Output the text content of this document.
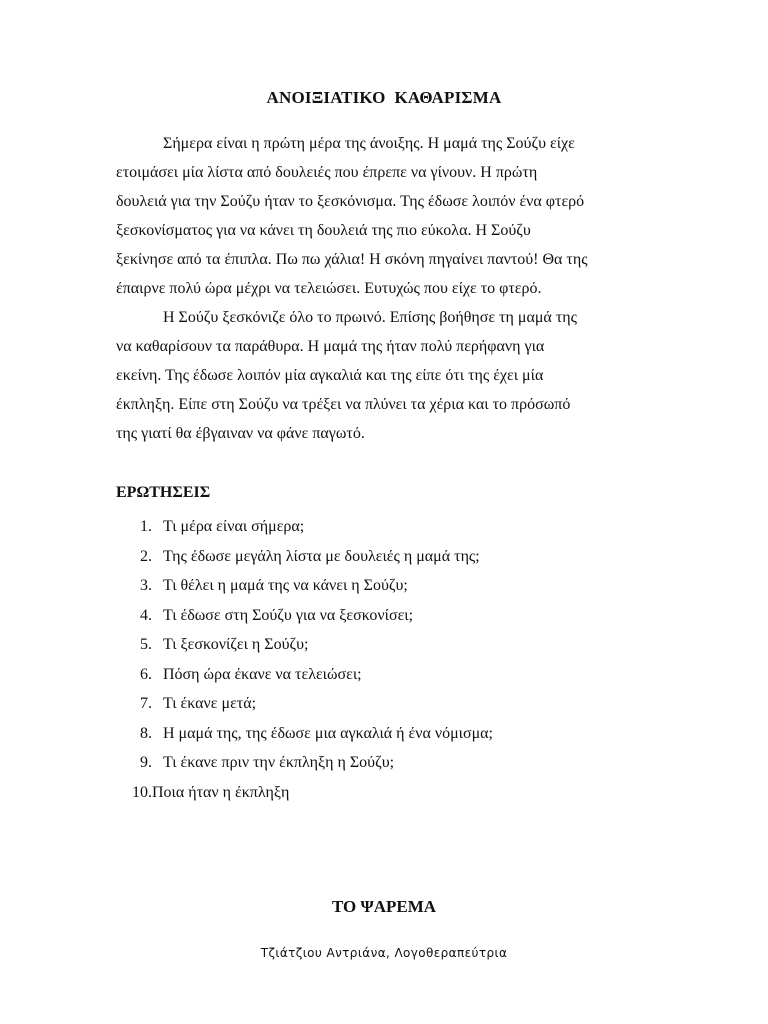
ΑΝΟΙΞΙΑΤΙΚΟ  ΚΑΘΑΡΙΣΜΑ
Σήμερα είναι η πρώτη μέρα της άνοιξης. Η μαμά της Σούζυ είχε
ετοιμάσει μία λίστα από δουλειές που έπρεπε να γίνουν. Η πρώτη
δουλειά για την Σούζυ ήταν το ξεσκόνισμα. Της έδωσε λοιπόν ένα φτερό
ξεσκονίσματος για να κάνει τη δουλειά της πιο εύκολα. Η Σούζυ
ξεκίνησε από τα έπιπλα. Πω πω χάλια! Η σκόνη πηγαίνει παντού! Θα της
έπαιρνε πολύ ώρα μέχρι να τελειώσει. Ευτυχώς που είχε το φτερό.
Η Σούζυ ξεσκόνιζε όλο το πρωινό. Επίσης βοήθησε τη μαμά της
να καθαρίσουν τα παράθυρα. Η μαμά της ήταν πολύ περήφανη για
εκείνη. Της έδωσε λοιπόν μία αγκαλιά και της είπε ότι της έχει μία
έκπληξη. Είπε στη Σούζυ να τρέξει να πλύνει τα χέρια και το πρόσωπό
της γιατί θα έβγαιναν να φάνε παγωτό.
ΕΡΩΤΗΣΕΙΣ
1. Τι μέρα είναι σήμερα;
2. Της έδωσε μεγάλη λίστα με δουλειές η μαμά της;
3. Τι θέλει η μαμά της να κάνει η Σούζυ;
4. Τι έδωσε στη Σούζυ για να ξεσκονίσει;
5. Τι ξεσκονίζει η Σούζυ;
6. Πόση ώρα έκανε να τελειώσει;
7. Τι έκανε μετά;
8. Η μαμά της, της έδωσε μια αγκαλιά ή ένα νόμισμα;
9. Τι έκανε πριν την έκπληξη η Σούζυ;
10.Ποια ήταν η έκπληξη
ΤΟ ΨΑΡΕΜΑ
Τζιάτζιου Αντριάνα, Λογοθεραπεύτρια
